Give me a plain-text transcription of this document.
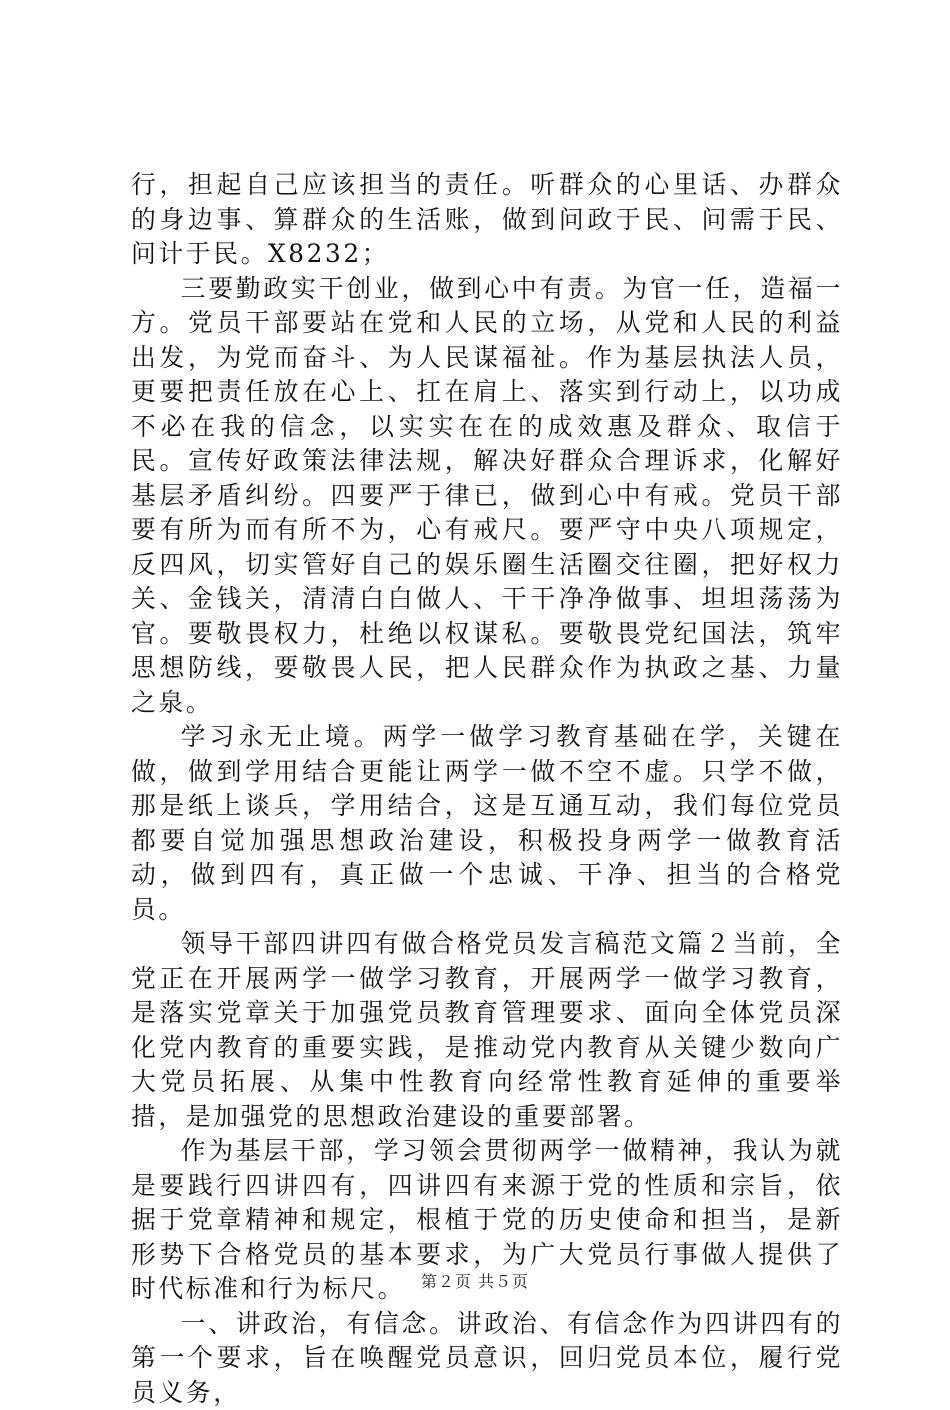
行，担起自己应该担当的责任。听群众的心里话、办群众的身边事、算群众的生活账，做到问政于民、问需于民、问计于民。X8232；

三要勤政实干创业，做到心中有责。为官一任，造福一方。党员干部要站在党和人民的立场，从党和人民的利益出发，为党而奋斗、为人民谋福祉。作为基层执法人员，更要把责任放在心上、扛在肩上、落实到行动上，以功成不必在我的信念，以实实在在的成效惠及群众、取信于民。宣传好政策法律法规，解决好群众合理诉求，化解好基层矛盾纠纷。四要严于律已，做到心中有戒。党员干部要有所为而有所不为，心有戒尺。要严守中央八项规定，反四风，切实管好自己的娱乐圈生活圈交往圈，把好权力关、金钱关，清清白白做人、干干净净做事、坦坦荡荡为官。要敬畏权力，杜绝以权谋私。要敬畏党纪国法，筑牢思想防线，要敬畏人民，把人民群众作为执政之基、力量之泉。

学习永无止境。两学一做学习教育基础在学，关键在做，做到学用结合更能让两学一做不空不虚。只学不做，那是纸上谈兵，学用结合，这是互通互动，我们每位党员都要自觉加强思想政治建设，积极投身两学一做教育活动，做到四有，真正做一个忠诚、干净、担当的合格党员。

领导干部四讲四有做合格党员发言稿范文篇２当前，全党正在开展两学一做学习教育，开展两学一做学习教育，是落实党章关于加强党员教育管理要求、面向全体党员深化党内教育的重要实践，是推动党内教育从关键少数向广大党员拓展、从集中性教育向经常性教育延伸的重要举措，是加强党的思想政治建设的重要部署。

作为基层干部，学习领会贯彻两学一做精神，我认为就是要践行四讲四有，四讲四有来源于党的性质和宗旨，依据于党章精神和规定，根植于党的历史使命和担当，是新形势下合格党员的基本要求，为广大党员行事做人提供了时代标准和行为标尺。

一、讲政治，有信念。讲政治、有信念作为四讲四有的第一个要求，旨在唤醒党员意识，回归党员本位，履行党员义务，

第２页 共５页
